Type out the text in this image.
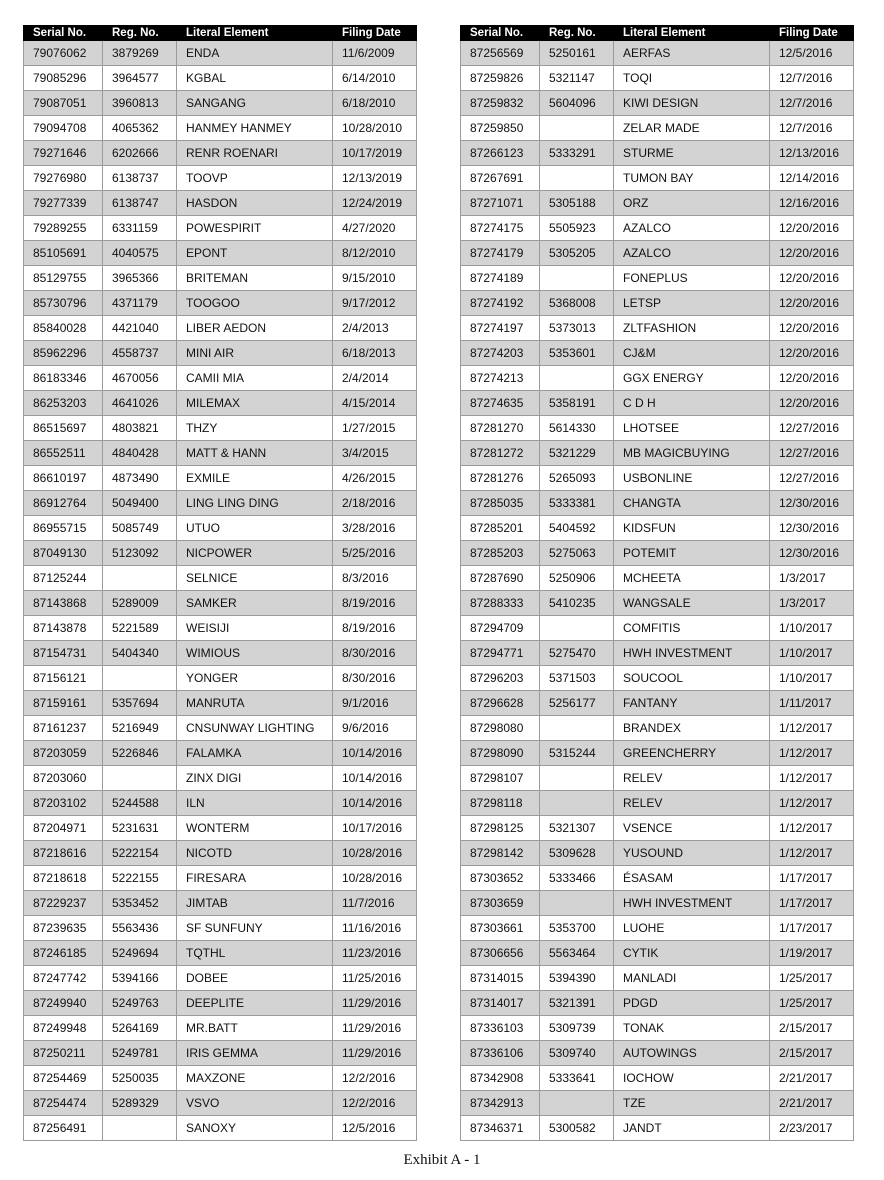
Serial No.	Reg. No.	Literal Element	Filing Date
79076062	3879269	ENDA	11/6/2009
79085296	3964577	KGBAL	6/14/2010
79087051	3960813	SANGANG	6/18/2010
79094708	4065362	HANMEY HANMEY	10/28/2010
79271646	6202666	RENR ROENARI	10/17/2019
79276980	6138737	TOOVP	12/13/2019
79277339	6138747	HASDON	12/24/2019
79289255	6331159	POWESPIRIT	4/27/2020
85105691	4040575	EPONT	8/12/2010
85129755	3965366	BRITEMAN	9/15/2010
85730796	4371179	TOOGOO	9/17/2012
85840028	4421040	LIBER AEDON	2/4/2013
85962296	4558737	MINI AIR	6/18/2013
86183346	4670056	CAMII MIA	2/4/2014
86253203	4641026	MILEMAX	4/15/2014
86515697	4803821	THZY	1/27/2015
86552511	4840428	MATT & HANN	3/4/2015
86610197	4873490	EXMILE	4/26/2015
86912764	5049400	LING LING DING	2/18/2016
86955715	5085749	UTUO	3/28/2016
87049130	5123092	NICPOWER	5/25/2016
87125244		SELNICE	8/3/2016
87143868	5289009	SAMKER	8/19/2016
87143878	5221589	WEISIJI	8/19/2016
87154731	5404340	WIMIOUS	8/30/2016
87156121		YONGER	8/30/2016
87159161	5357694	MANRUTA	9/1/2016
87161237	5216949	CNSUNWAY LIGHTING	9/6/2016
87203059	5226846	FALAMKA	10/14/2016
87203060		ZINX DIGI	10/14/2016
87203102	5244588	ILN	10/14/2016
87204971	5231631	WONTERM	10/17/2016
87218616	5222154	NICOTD	10/28/2016
87218618	5222155	FIRESARA	10/28/2016
87229237	5353452	JIMTAB	11/7/2016
87239635	5563436	SF SUNFUNY	11/16/2016
87246185	5249694	TQTHL	11/23/2016
87247742	5394166	DOBEE	11/25/2016
87249940	5249763	DEEPLITE	11/29/2016
87249948	5264169	MR.BATT	11/29/2016
87250211	5249781	IRIS GEMMA	11/29/2016
87254469	5250035	MAXZONE	12/2/2016
87254474	5289329	VSVO	12/2/2016
87256491		SANOXY	12/5/2016
Serial No.	Reg. No.	Literal Element	Filing Date
87256569	5250161	AERFAS	12/5/2016
87259826	5321147	TOQI	12/7/2016
87259832	5604096	KIWI DESIGN	12/7/2016
87259850		ZELAR MADE	12/7/2016
87266123	5333291	STURME	12/13/2016
87267691		TUMON BAY	12/14/2016
87271071	5305188	ORZ	12/16/2016
87274175	5505923	AZALCO	12/20/2016
87274179	5305205	AZALCO	12/20/2016
87274189		FONEPLUS	12/20/2016
87274192	5368008	LETSP	12/20/2016
87274197	5373013	ZLTFASHION	12/20/2016
87274203	5353601	CJ&M	12/20/2016
87274213		GGX ENERGY	12/20/2016
87274635	5358191	C D H	12/20/2016
87281270	5614330	LHOTSEE	12/27/2016
87281272	5321229	MB MAGICBUYING	12/27/2016
87281276	5265093	USBONLINE	12/27/2016
87285035	5333381	CHANGTA	12/30/2016
87285201	5404592	KIDSFUN	12/30/2016
87285203	5275063	POTEMIT	12/30/2016
87287690	5250906	MCHEETA	1/3/2017
87288333	5410235	WANGSALE	1/3/2017
87294709		COMFITIS	1/10/2017
87294771	5275470	HWH INVESTMENT	1/10/2017
87296203	5371503	SOUCOOL	1/10/2017
87296628	5256177	FANTANY	1/11/2017
87298080		BRANDEX	1/12/2017
87298090	5315244	GREENCHERRY	1/12/2017
87298107		RELEV	1/12/2017
87298118		RELEV	1/12/2017
87298125	5321307	VSENCE	1/12/2017
87298142	5309628	YUSOUND	1/12/2017
87303652	5333466	ÉSASAM	1/17/2017
87303659		HWH INVESTMENT	1/17/2017
87303661	5353700	LUOHE	1/17/2017
87306656	5563464	CYTIK	1/19/2017
87314015	5394390	MANLADI	1/25/2017
87314017	5321391	PDGD	1/25/2017
87336103	5309739	TONAK	2/15/2017
87336106	5309740	AUTOWINGS	2/15/2017
87342908	5333641	IOCHOW	2/21/2017
87342913		TZE	2/21/2017
87346371	5300582	JANDT	2/23/2017
Exhibit A - 1
